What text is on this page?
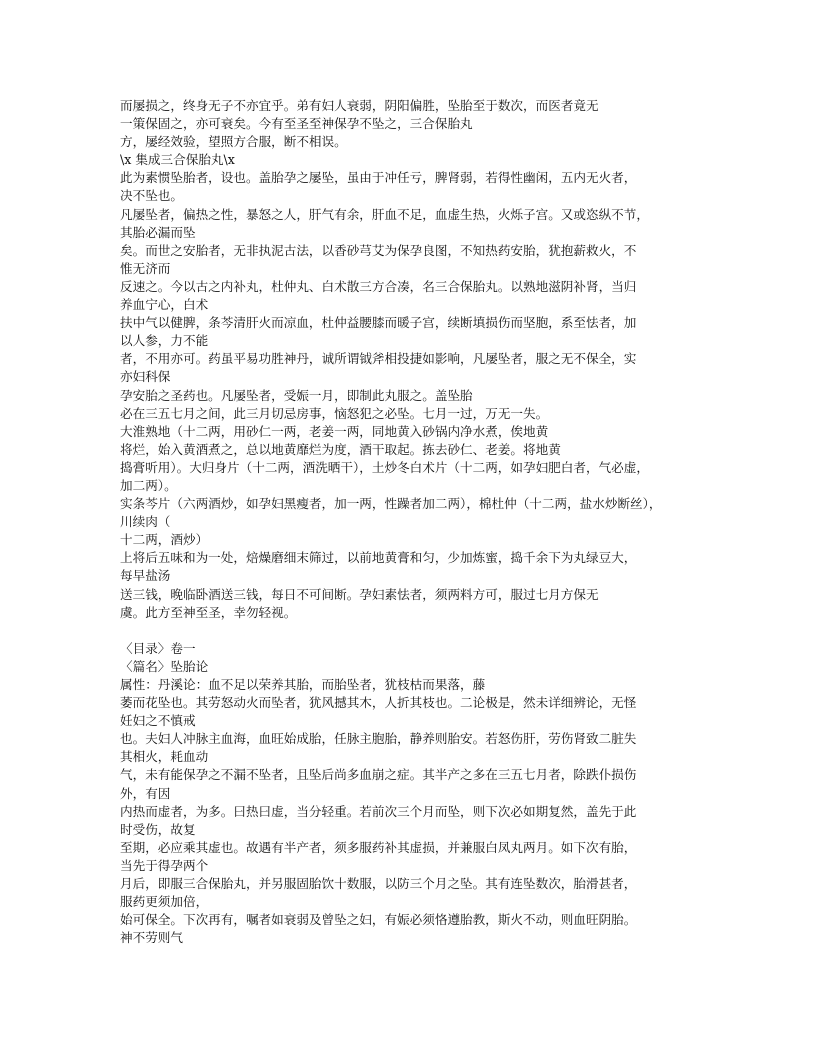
而屡损之，终身无子不亦宜乎。弟有妇人衰弱，阴阳偏胜，坠胎至于数次，而医者竟无
一策保固之，亦可衰矣。今有至圣至神保孕不坠之，三合保胎丸
方，屡经效验，望照方合服，断不相误。
\x 集成三合保胎丸\x
此为素惯坠胎者，设也。盖胎孕之屡坠，虽由于冲任亏，脾肾弱，若得性幽闲，五内无火者，
决不坠也。
凡屡坠者，偏热之性，暴怒之人，肝气有余，肝血不足，血虚生热，火烁子宫。又或恣纵不节，
其胎必漏而坠
矣。而世之安胎者，无非执泥古法，以香砂芎艾为保孕良图，不知热药安胎，犹抱薪救火，不
惟无济而
反速之。今以古之内补丸，杜仲丸、白术散三方合凑，名三合保胎丸。以熟地滋阴补肾，当归
养血宁心，白术
扶中气以健脾，条芩清肝火而凉血，杜仲益腰膝而暖子宫，续断填损伤而坚胞，系至怯者，加
以人参，力不能
者，不用亦可。药虽平易功胜神丹，诚所谓钺斧相投捷如影响，凡屡坠者，服之无不保全，实
亦妇科保
孕安胎之圣药也。凡屡坠者，受娠一月，即制此丸服之。盖坠胎
必在三五七月之间，此三月切忌房事，恼怒犯之必坠。七月一过，万无一失。
大淮熟地（十二两，用砂仁一两，老姜一两，同地黄入砂锅内净水煮，俟地黄
将烂，始入黄酒煮之，总以地黄靡烂为度，酒干取起。拣去砂仁、老姜。将地黄
捣膏听用）。大归身片（十二两，酒洗晒干），土炒冬白术片（十二两，如孕妇肥白者，气必虚，
加二两）。
实条芩片（六两酒炒，如孕妇黑瘦者，加一两，性躁者加二两），棉杜仲（十二两，盐水炒断丝），
川续肉（
十二两，酒炒）
上将后五味和为一处，焙燥磨细末筛过，以前地黄膏和匀，少加炼蜜，捣千余下为丸绿豆大，
每早盐汤
送三钱，晚临卧酒送三钱，每日不可间断。孕妇素怯者，须两料方可，服过七月方保无
虞。此方至神至圣，幸勿轻视。
〈目录〉卷一
〈篇名〉坠胎论
属性：丹溪论：血不足以荣养其胎，而胎坠者，犹枝枯而果落，藤
萎而花坠也。其劳怒动火而坠者，犹风撼其木，人折其枝也。二论极是，然未详细辨论，无怪
妊妇之不慎戒
也。夫妇人冲脉主血海，血旺始成胎，任脉主胞胎，静养则胎安。若怒伤肝，劳伤肾致二脏失
其相火，耗血动
气，未有能保孕之不漏不坠者，且坠后尚多血崩之症。其半产之多在三五七月者，除跌仆损伤
外，有因
内热而虚者，为多。曰热曰虚，当分轻重。若前次三个月而坠，则下次必如期复然，盖先于此
时受伤，故复
至期，必应乘其虚也。故遇有半产者，须多服药补其虚损，并兼服白凤丸两月。如下次有胎，
当先于得孕两个
月后，即服三合保胎丸，并另服固胎饮十数服，以防三个月之坠。其有连坠数次，胎滑甚者，
服药更须加倍，
始可保全。下次再有，嘱者如衰弱及曾坠之妇，有娠必须恪遵胎教，斯火不动，则血旺阴胎。
神不劳则气
